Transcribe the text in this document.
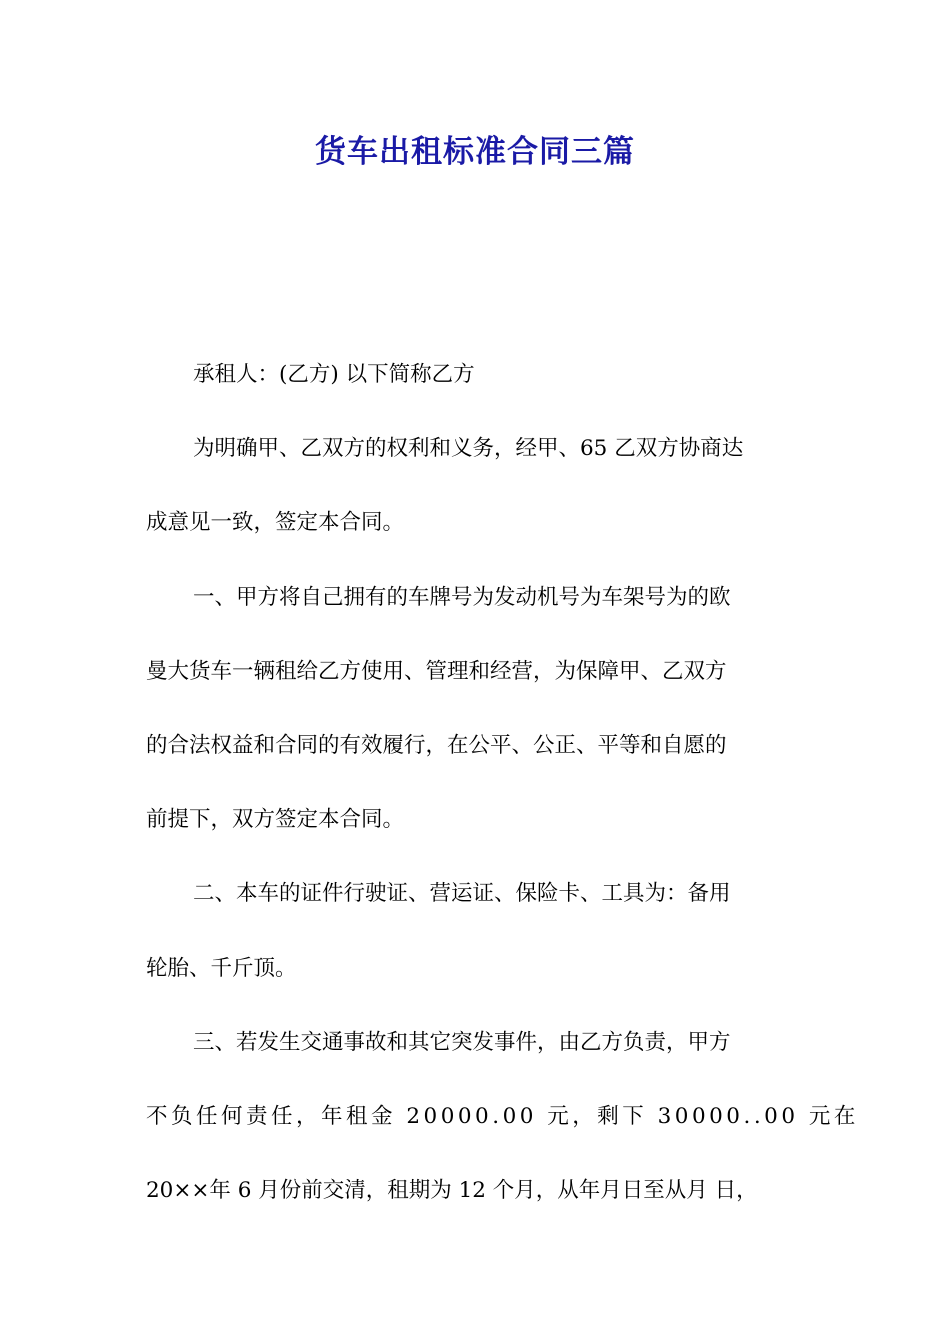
货车出租标准合同三篇
承租人：(乙方) 以下简称乙方
为明确甲、乙双方的权利和义务，经甲、65 乙双方协商达
成意见一致，签定本合同。
一、甲方将自己拥有的车牌号为发动机号为车架号为的欧
曼大货车一辆租给乙方使用、管理和经营，为保障甲、乙双方
的合法权益和合同的有效履行，在公平、公正、平等和自愿的
前提下，双方签定本合同。
二、本车的证件行驶证、营运证、保险卡、工具为：备用
轮胎、千斤顶。
三、若发生交通事故和其它突发事件，由乙方负责，甲方
不负任何责任，年租金 20000.00 元，剩下 30000..00 元在
20××年 6 月份前交清，租期为 12 个月，从年月日至从月 日，
